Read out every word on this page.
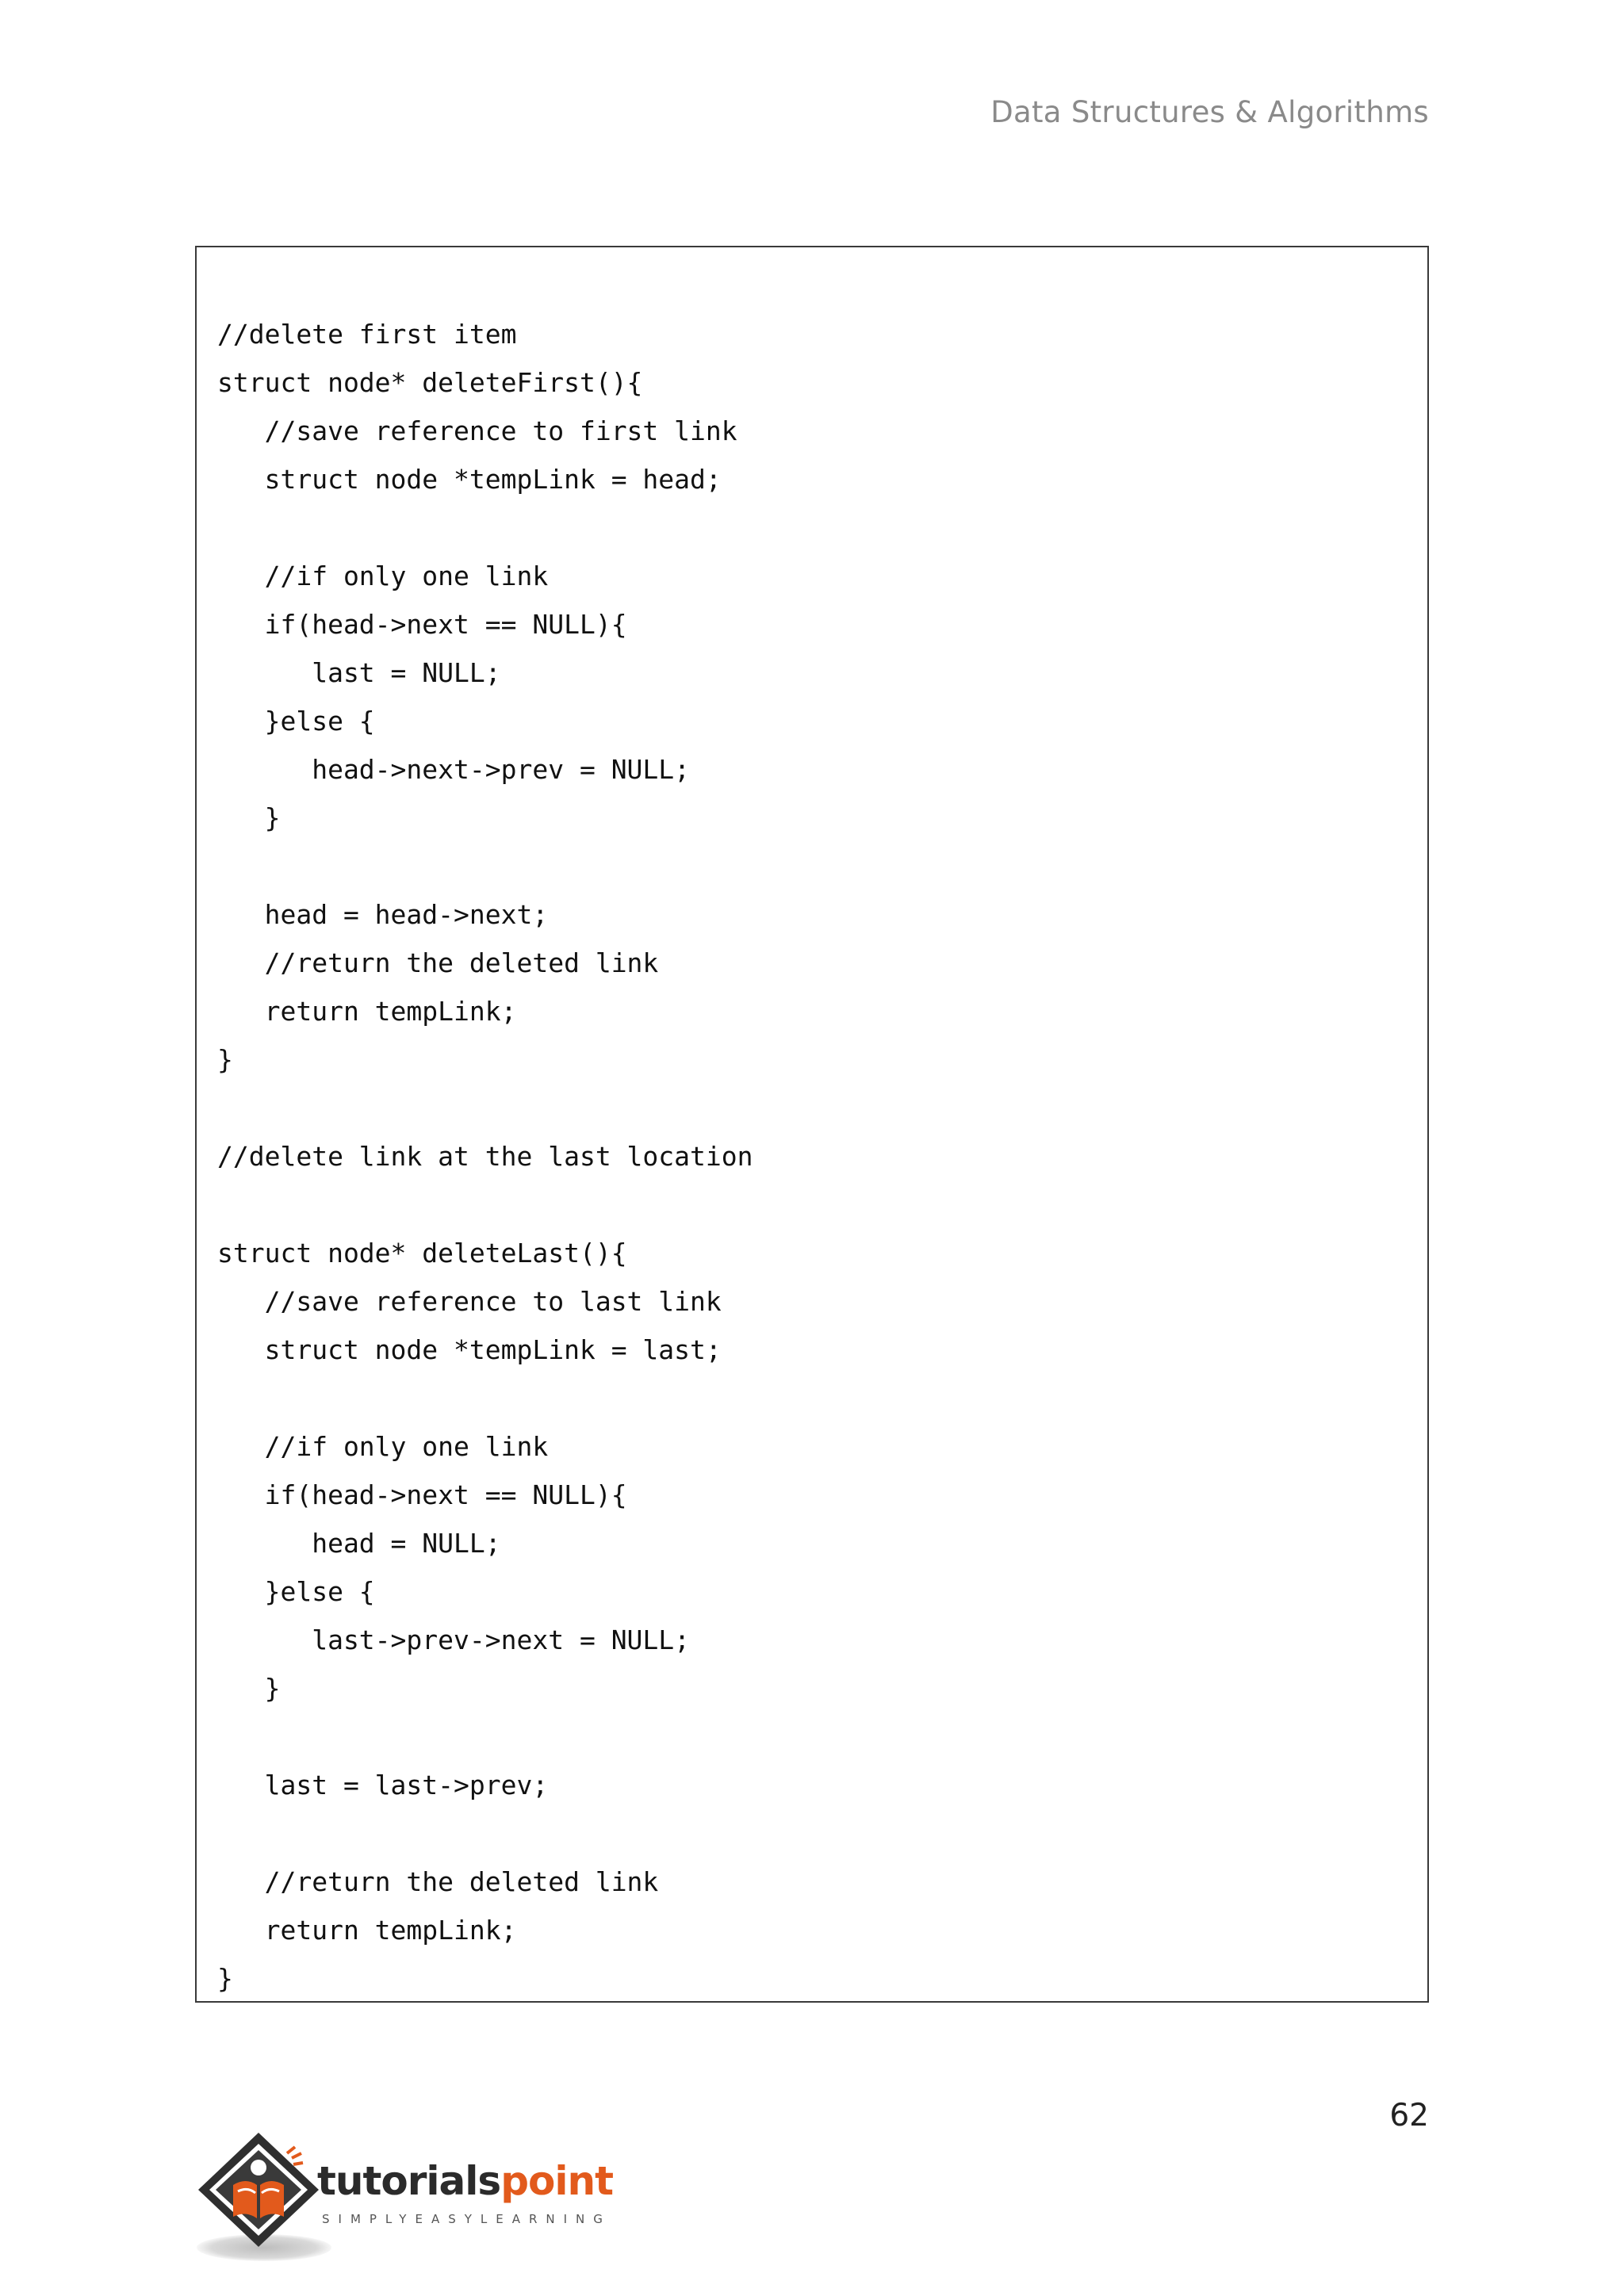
Data Structures & Algorithms
//delete first item
struct node* deleteFirst(){
//save reference to first link
struct node *tempLink = head;
//if only one link
if(head->next == NULL){
last = NULL;
}else {
head->next->prev = NULL;
}
head = head->next;
//return the deleted link
return tempLink;
}
//delete link at the last location
struct node* deleteLast(){
//save reference to last link
struct node *tempLink = last;
//if only one link
if(head->next == NULL){
head = NULL;
}else {
last->prev->next = NULL;
}
last = last->prev;
//return the deleted link
return tempLink;
}
62
tutorialspoint
SIMPLYEASYLEARNING
